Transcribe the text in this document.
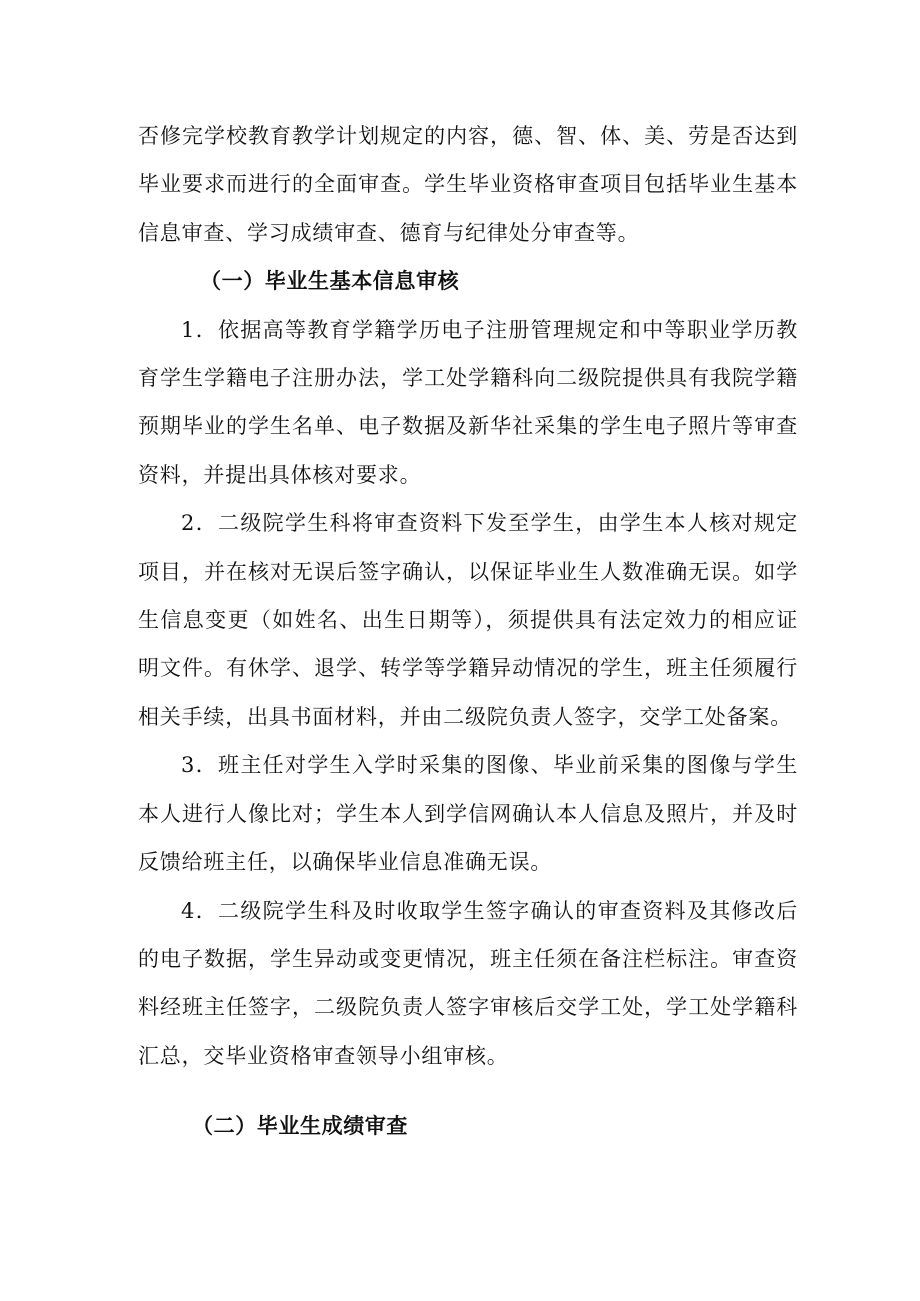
否修完学校教育教学计划规定的内容，德、智、体、美、劳是否达到毕业要求而进行的全面审查。学生毕业资格审查项目包括毕业生基本信息审查、学习成绩审查、德育与纪律处分审查等。

（一）毕业生基本信息审核

1．依据高等教育学籍学历电子注册管理规定和中等职业学历教育学生学籍电子注册办法，学工处学籍科向二级院提供具有我院学籍预期毕业的学生名单、电子数据及新华社采集的学生电子照片等审查资料，并提出具体核对要求。

2．二级院学生科将审查资料下发至学生，由学生本人核对规定项目，并在核对无误后签字确认，以保证毕业生人数准确无误。如学生信息变更（如姓名、出生日期等），须提供具有法定效力的相应证明文件。有休学、退学、转学等学籍异动情况的学生，班主任须履行相关手续，出具书面材料，并由二级院负责人签字，交学工处备案。

3．班主任对学生入学时采集的图像、毕业前采集的图像与学生本人进行人像比对；学生本人到学信网确认本人信息及照片，并及时反馈给班主任，以确保毕业信息准确无误。

4．二级院学生科及时收取学生签字确认的审查资料及其修改后的电子数据，学生异动或变更情况，班主任须在备注栏标注。审查资料经班主任签字，二级院负责人签字审核后交学工处，学工处学籍科汇总，交毕业资格审查领导小组审核。

（二）毕业生成绩审查
